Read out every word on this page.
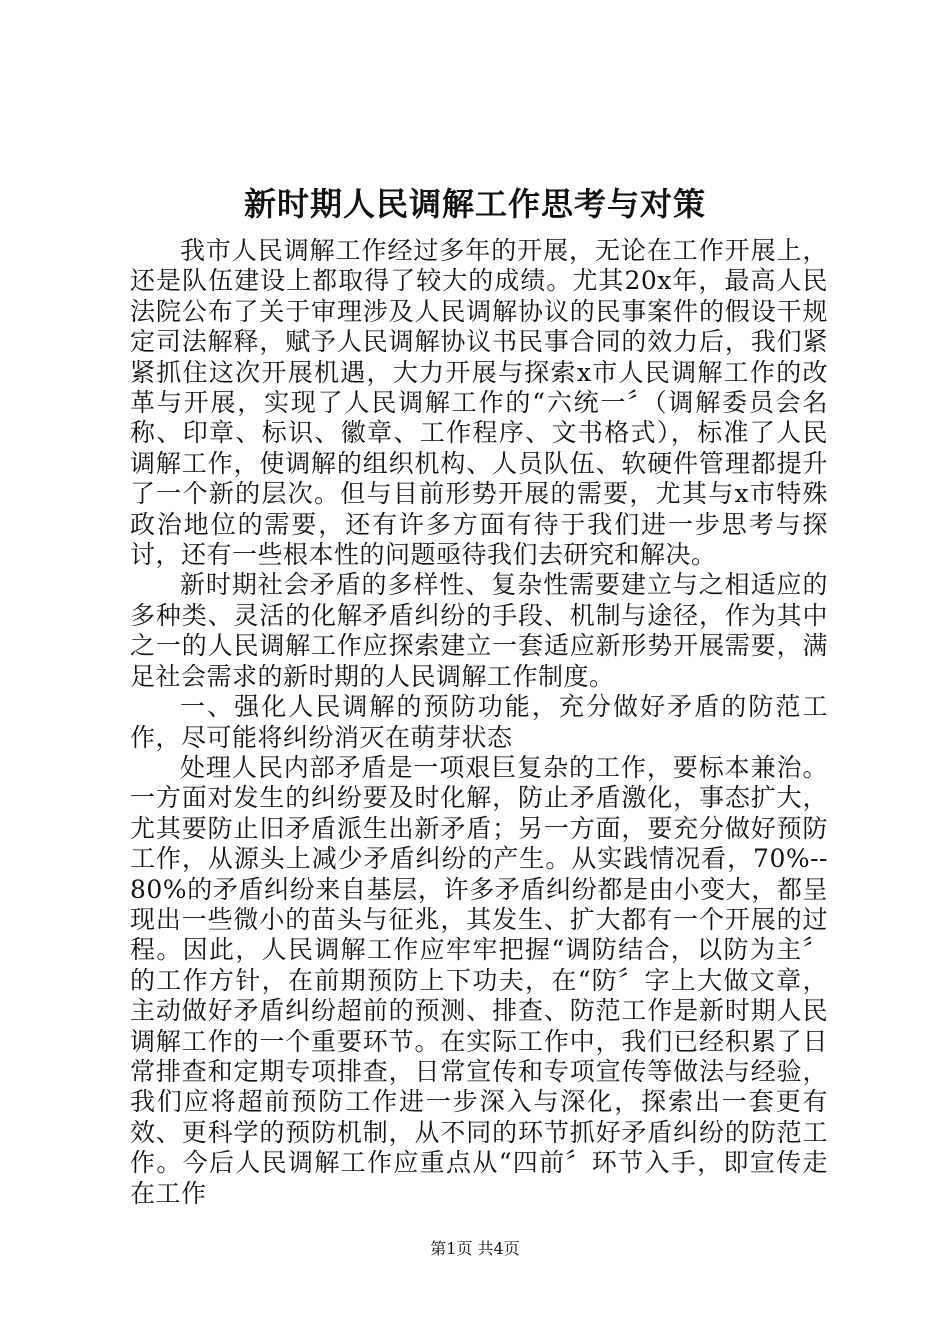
新时期人民调解工作思考与对策

我市人民调解工作经过多年的开展，无论在工作开展上，还是队伍建设上都取得了较大的成绩。尤其20x年，最高人民法院公布了关于审理涉及人民调解协议的民事案件的假设干规定司法解释，赋予人民调解协议书民事合同的效力后，我们紧紧抓住这次开展机遇，大力开展与探索x市人民调解工作的改革与开展，实现了人民调解工作的“六统一〞（调解委员会名称、印章、标识、徽章、工作程序、文书格式），标准了人民调解工作，使调解的组织机构、人员队伍、软硬件管理都提升了一个新的层次。但与目前形势开展的需要，尤其与x市特殊政治地位的需要，还有许多方面有待于我们进一步思考与探讨，还有一些根本性的问题亟待我们去研究和解决。

新时期社会矛盾的多样性、复杂性需要建立与之相适应的多种类、灵活的化解矛盾纠纷的手段、机制与途径，作为其中之一的人民调解工作应探索建立一套适应新形势开展需要，满足社会需求的新时期的人民调解工作制度。

一、强化人民调解的预防功能，充分做好矛盾的防范工作，尽可能将纠纷消灭在萌芽状态

处理人民内部矛盾是一项艰巨复杂的工作，要标本兼治。一方面对发生的纠纷要及时化解，防止矛盾激化，事态扩大，尤其要防止旧矛盾派生出新矛盾；另一方面，要充分做好预防工作，从源头上减少矛盾纠纷的产生。从实践情况看，70%--80%的矛盾纠纷来自基层，许多矛盾纠纷都是由小变大，都呈现出一些微小的苗头与征兆，其发生、扩大都有一个开展的过程。因此，人民调解工作应牢牢把握“调防结合，以防为主〞的工作方针，在前期预防上下功夫，在“防〞字上大做文章，主动做好矛盾纠纷超前的预测、排查、防范工作是新时期人民调解工作的一个重要环节。在实际工作中，我们已经积累了日常排查和定期专项排查，日常宣传和专项宣传等做法与经验，我们应将超前预防工作进一步深入与深化，探索出一套更有效、更科学的预防机制，从不同的环节抓好矛盾纠纷的防范工作。今后人民调解工作应重点从“四前〞环节入手，即宣传走在工作

第1页 共4页
